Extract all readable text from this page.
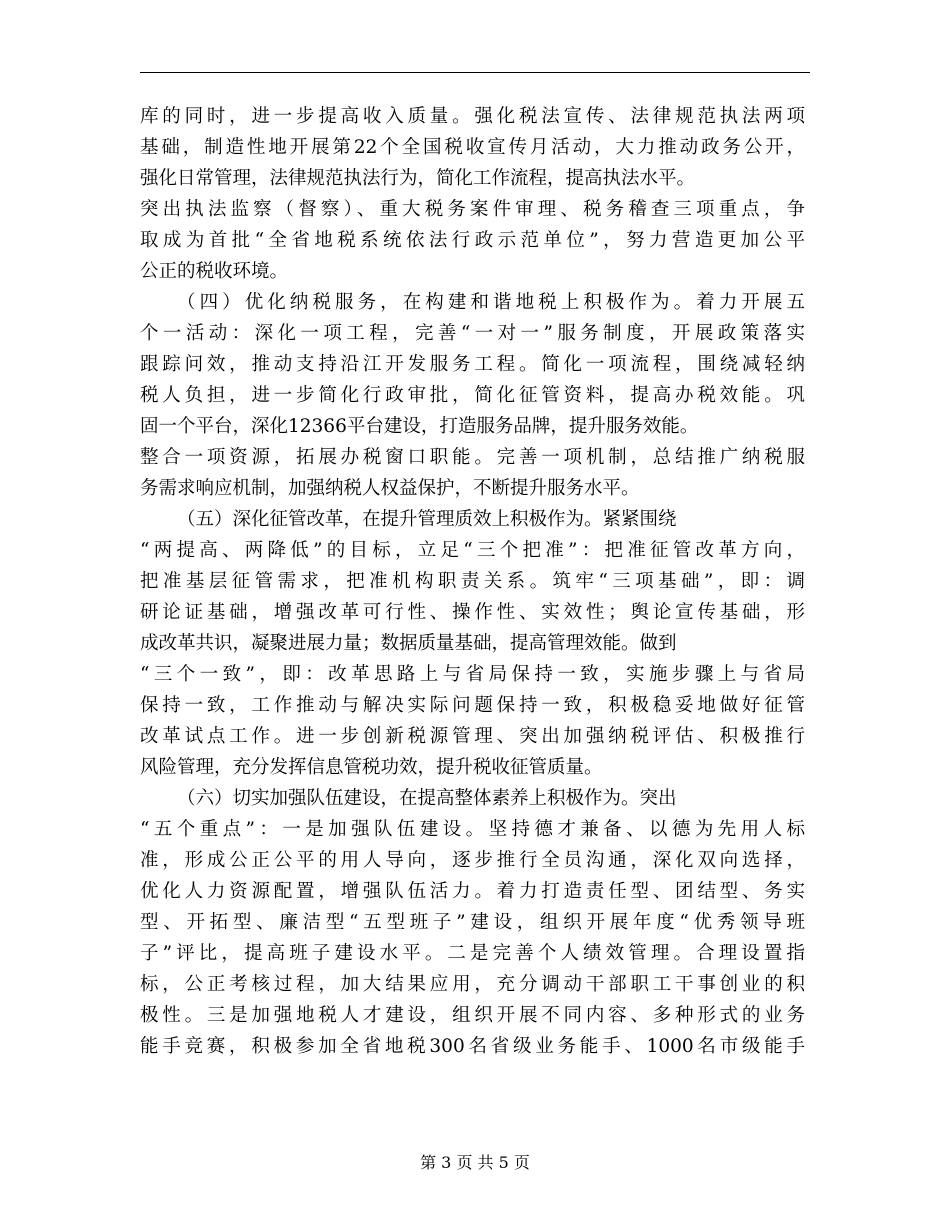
库的同时，进一步提高收入质量。强化税法宣传、法律规范执法两项
基础，制造性地开展第22个全国税收宣传月活动，大力推动政务公开，
强化日常管理，法律规范执法行为，简化工作流程，提高执法水平。
突出执法监察（督察）、重大税务案件审理、税务稽查三项重点，争
取成为首批“全省地税系统依法行政示范单位”，努力营造更加公平
公正的税收环境。
（四）优化纳税服务，在构建和谐地税上积极作为。着力开展五
个一活动：深化一项工程，完善“一对一”服务制度，开展政策落实
跟踪问效，推动支持沿江开发服务工程。简化一项流程，围绕减轻纳
税人负担，进一步简化行政审批，简化征管资料，提高办税效能。巩
固一个平台，深化12366平台建设，打造服务品牌，提升服务效能。
整合一项资源，拓展办税窗口职能。完善一项机制，总结推广纳税服
务需求响应机制，加强纳税人权益保护，不断提升服务水平。
（五）深化征管改革，在提升管理质效上积极作为。紧紧围绕
“两提高、两降低”的目标，立足“三个把准”：把准征管改革方向，
把准基层征管需求，把准机构职责关系。筑牢“三项基础”，即：调
研论证基础，增强改革可行性、操作性、实效性；舆论宣传基础，形
成改革共识，凝聚进展力量；数据质量基础，提高管理效能。做到
“三个一致”，即：改革思路上与省局保持一致，实施步骤上与省局
保持一致，工作推动与解决实际问题保持一致，积极稳妥地做好征管
改革试点工作。进一步创新税源管理、突出加强纳税评估、积极推行
风险管理，充分发挥信息管税功效，提升税收征管质量。
（六）切实加强队伍建设，在提高整体素养上积极作为。突出
“五个重点”：一是加强队伍建设。坚持德才兼备、以德为先用人标
准，形成公正公平的用人导向，逐步推行全员沟通，深化双向选择，
优化人力资源配置，增强队伍活力。着力打造责任型、团结型、务实
型、开拓型、廉洁型“五型班子”建设，组织开展年度“优秀领导班
子”评比，提高班子建设水平。二是完善个人绩效管理。合理设置指
标，公正考核过程，加大结果应用，充分调动干部职工干事创业的积
极性。三是加强地税人才建设，组织开展不同内容、多种形式的业务
能手竞赛，积极参加全省地税300名省级业务能手、1000名市级能手
第 3 页 共 5 页
